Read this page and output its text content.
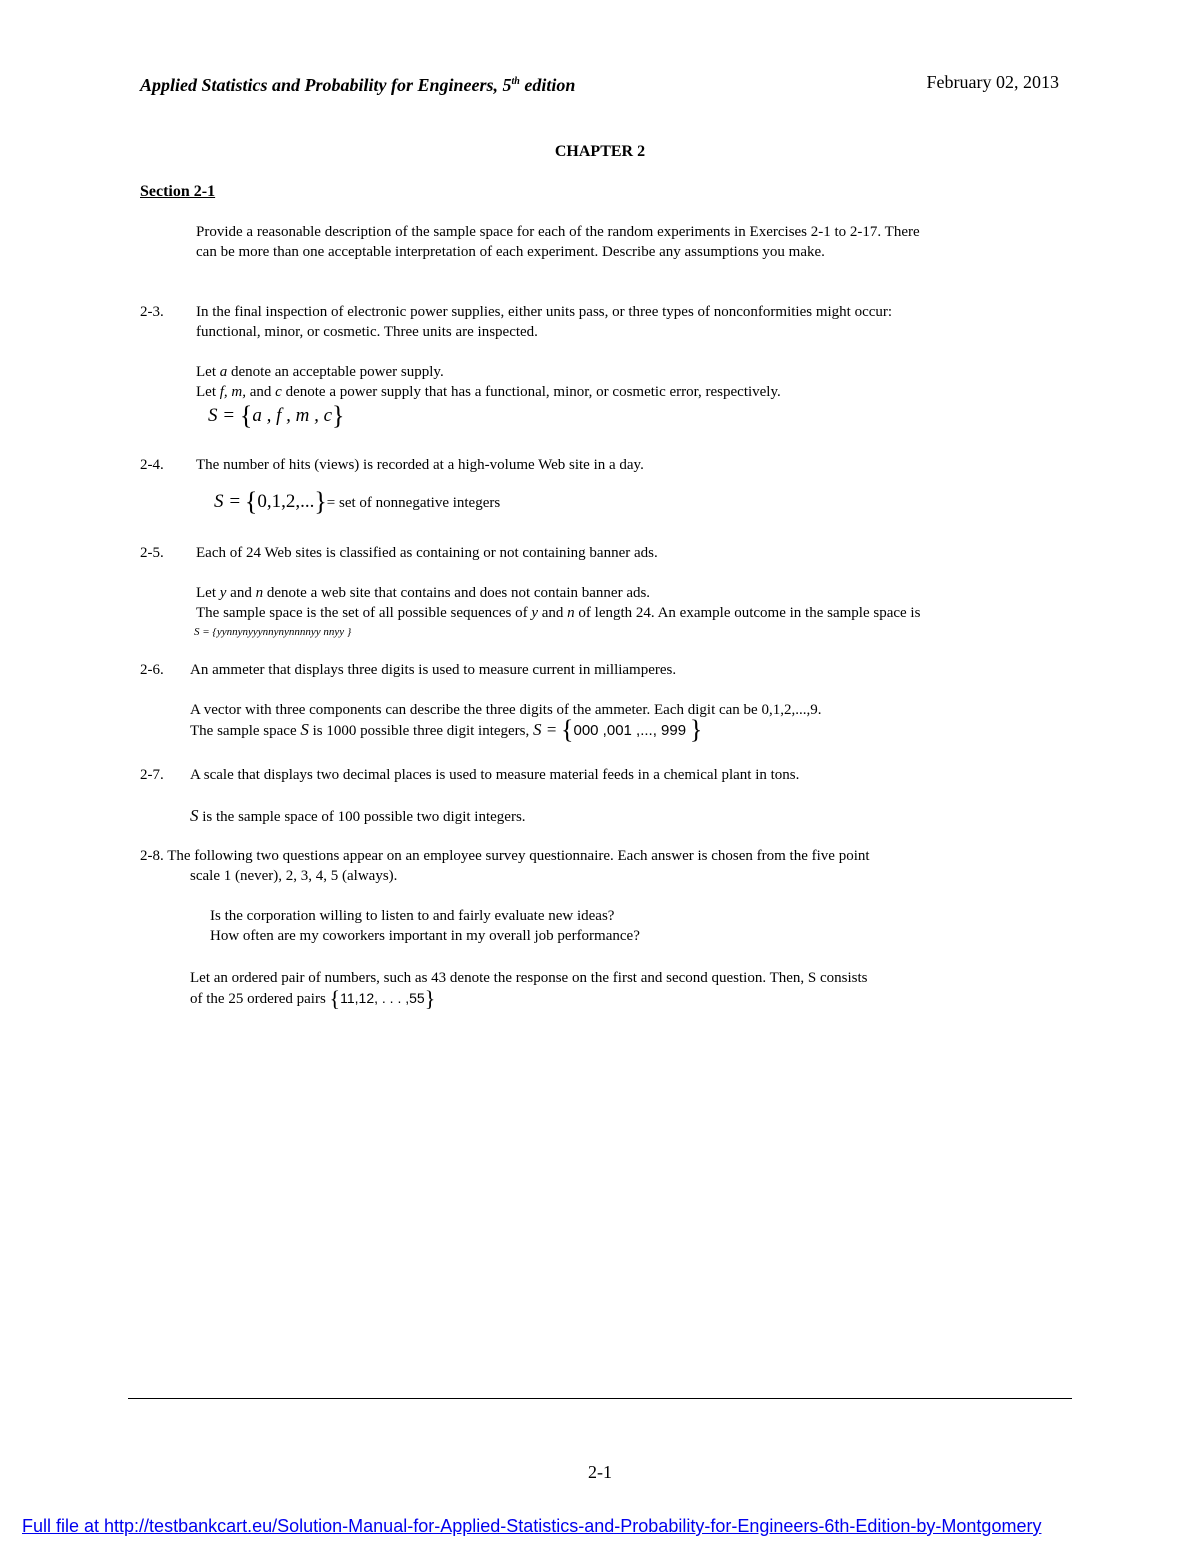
Applied Statistics and Probability for Engineers, 5th edition	February 02, 2013
CHAPTER 2
Section 2-1
Provide a reasonable description of the sample space for each of the random experiments in Exercises 2-1 to 2-17. There
can be more than one acceptable interpretation of each experiment. Describe any assumptions you make.
2-3. In the final inspection of electronic power supplies, either units pass, or three types of nonconformities might occur:
functional, minor, or cosmetic. Three units are inspected.
Let a denote an acceptable power supply.
Let f, m, and c denote a power supply that has a functional, minor, or cosmetic error, respectively.
S = {a , f , m , c}
2-4. The number of hits (views) is recorded at a high-volume Web site in a day.
S = {0,1,2,...}= set of nonnegative integers
2-5. Each of 24 Web sites is classified as containing or not containing banner ads.
Let y and n denote a web site that contains and does not contain banner ads.
The sample space is the set of all possible sequences of y and n of length 24. An example outcome in the sample space is
S = {yynnynyyynnynynnnnyy nnyy }
2-6. An ammeter that displays three digits is used to measure current in milliamperes.
A vector with three components can describe the three digits of the ammeter. Each digit can be 0,1,2,...,9.
The sample space S is 1000 possible three digit integers, S = {000 ,001 ,..., 999 }
2-7. A scale that displays two decimal places is used to measure material feeds in a chemical plant in tons.
S is the sample space of 100 possible two digit integers.
2-8. The following two questions appear on an employee survey questionnaire. Each answer is chosen from the five point
scale 1 (never), 2, 3, 4, 5 (always).
Is the corporation willing to listen to and fairly evaluate new ideas?
How often are my coworkers important in my overall job performance?
Let an ordered pair of numbers, such as 43 denote the response on the first and second question. Then, S consists
of the 25 ordered pairs {11,12, . . . ,55}
2-1
Full file at http://testbankcart.eu/Solution-Manual-for-Applied-Statistics-and-Probability-for-Engineers-6th-Edition-by-Montgomery
